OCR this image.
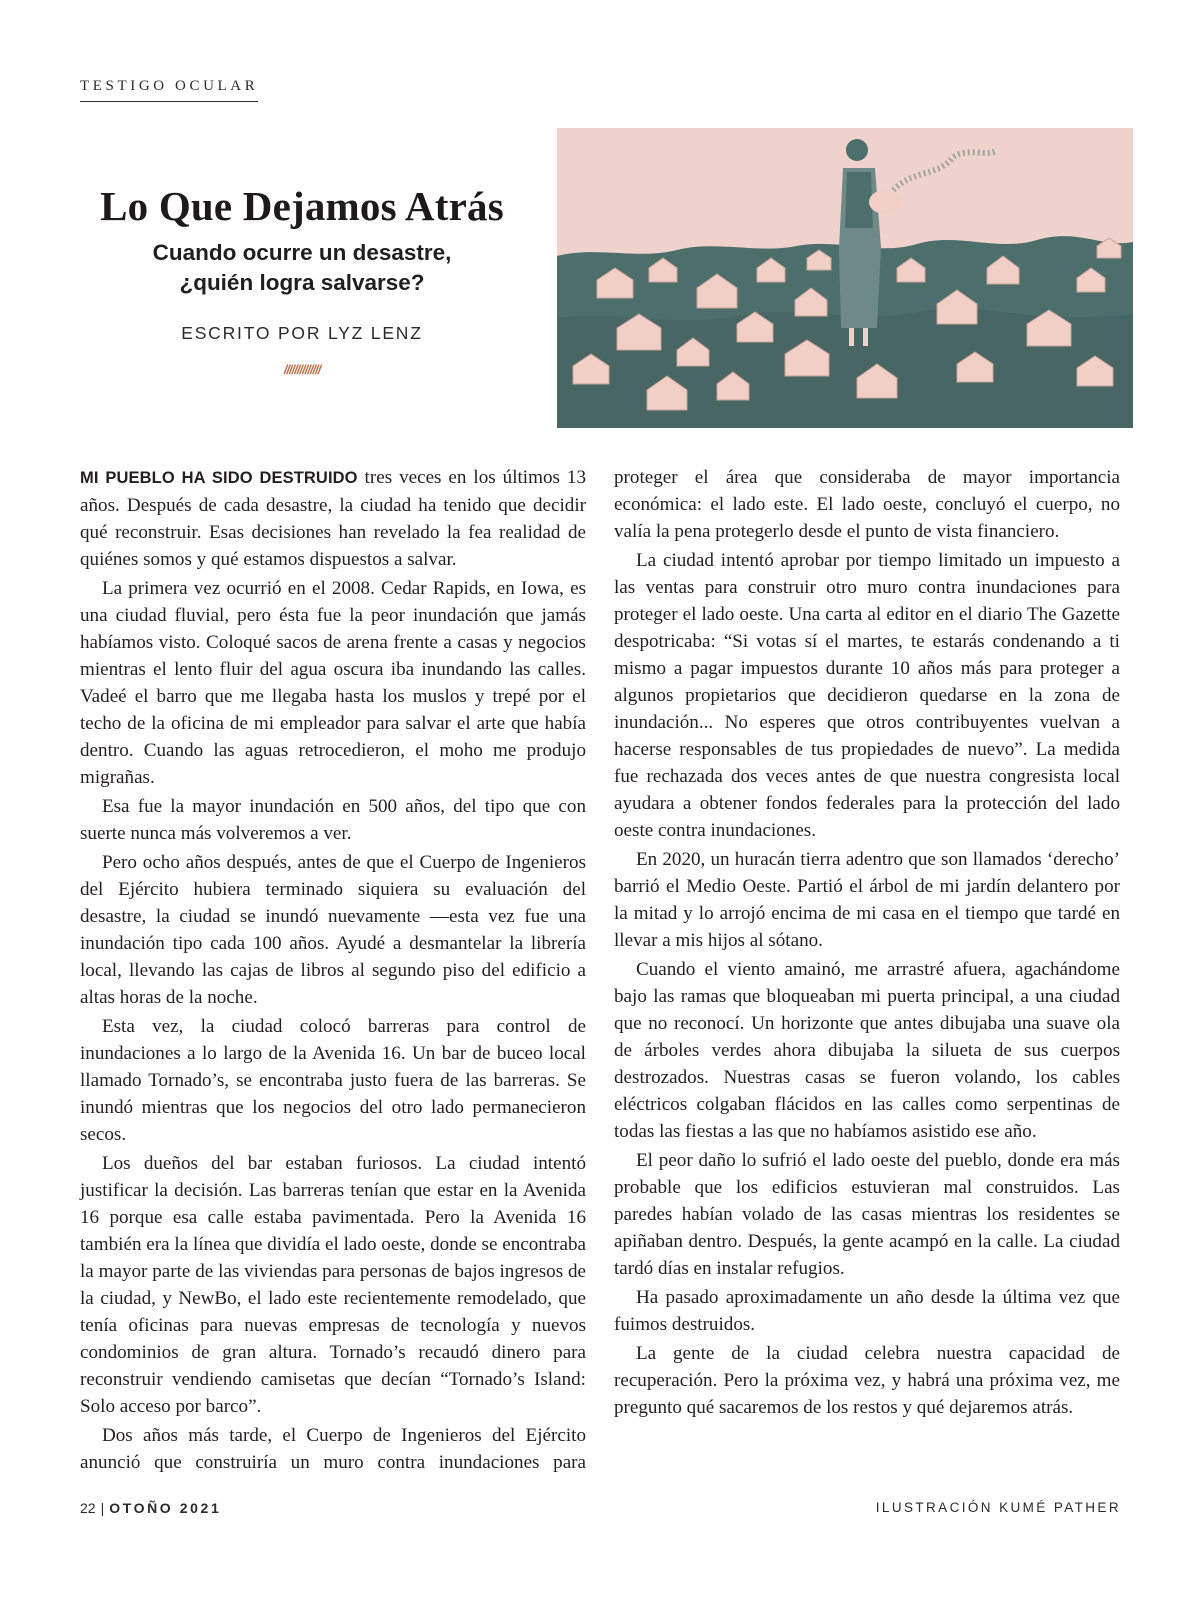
TESTIGO OCULAR
Lo Que Dejamos Atrás
Cuando ocurre un desastre,
¿quién logra salvarse?
ESCRITO POR LYZ LENZ
//////////////

MI PUEBLO HA SIDO DESTRUIDO tres veces en los últimos 13 años. Después de cada desastre, la ciudad ha tenido que decidir qué reconstruir. Esas decisiones han revelado la fea realidad de quiénes somos y qué estamos dispuestos a salvar.

La primera vez ocurrió en el 2008. Cedar Rapids, en Iowa, es una ciudad fluvial, pero ésta fue la peor inundación que jamás habíamos visto. Coloqué sacos de arena frente a casas y negocios mientras el lento fluir del agua oscura iba inundando las calles. Vadeé el barro que me llegaba hasta los muslos y trepé por el techo de la oficina de mi empleador para salvar el arte que había dentro. Cuando las aguas retrocedieron, el moho me produjo migrañas.

Esa fue la mayor inundación en 500 años, del tipo que con suerte nunca más volveremos a ver.

Pero ocho años después, antes de que el Cuerpo de Ingenieros del Ejército hubiera terminado siquiera su evaluación del desastre, la ciudad se inundó nuevamente —esta vez fue una inundación tipo cada 100 años. Ayudé a desmantelar la librería local, llevando las cajas de libros al segundo piso del edificio a altas horas de la noche.

Esta vez, la ciudad colocó barreras para control de inundaciones a lo largo de la Avenida 16. Un bar de buceo local llamado Tornado’s, se encontraba justo fuera de las barreras. Se inundó mientras que los negocios del otro lado permanecieron secos.

Los dueños del bar estaban furiosos. La ciudad intentó justificar la decisión. Las barreras tenían que estar en la Avenida 16 porque esa calle estaba pavimentada. Pero la Avenida 16 también era la línea que dividía el lado oeste, donde se encontraba la mayor parte de las viviendas para personas de bajos ingresos de la ciudad, y NewBo, el lado este recientemente remodelado, que tenía oficinas para nuevas empresas de tecnología y nuevos condominios de gran altura. Tornado’s recaudó dinero para reconstruir vendiendo camisetas que decían “Tornado’s Island: Solo acceso por barco”.

Dos años más tarde, el Cuerpo de Ingenieros del Ejército anunció que construiría un muro contra inundaciones para proteger el área que consideraba de mayor importancia económica: el lado este. El lado oeste, concluyó el cuerpo, no valía la pena protegerlo desde el punto de vista financiero.

La ciudad intentó aprobar por tiempo limitado un impuesto a las ventas para construir otro muro contra inundaciones para proteger el lado oeste. Una carta al editor en el diario The Gazette despotricaba: “Si votas sí el martes, te estarás condenando a ti mismo a pagar impuestos durante 10 años más para proteger a algunos propietarios que decidieron quedarse en la zona de inundación... No esperes que otros contribuyentes vuelvan a hacerse responsables de tus propiedades de nuevo”. La medida fue rechazada dos veces antes de que nuestra congresista local ayudara a obtener fondos federales para la protección del lado oeste contra inundaciones.

En 2020, un huracán tierra adentro que son llamados ‘derecho’ barrió el Medio Oeste. Partió el árbol de mi jardín delantero por la mitad y lo arrojó encima de mi casa en el tiempo que tardé en llevar a mis hijos al sótano.

Cuando el viento amainó, me arrastré afuera, agachándome bajo las ramas que bloqueaban mi puerta principal, a una ciudad que no reconocí. Un horizonte que antes dibujaba una suave ola de árboles verdes ahora dibujaba la silueta de sus cuerpos destrozados. Nuestras casas se fueron volando, los cables eléctricos colgaban flácidos en las calles como serpentinas de todas las fiestas a las que no habíamos asistido ese año.

El peor daño lo sufrió el lado oeste del pueblo, donde era más probable que los edificios estuvieran mal construidos. Las paredes habían volado de las casas mientras los residentes se apiñaban dentro. Después, la gente acampó en la calle. La ciudad tardó días en instalar refugios.

Ha pasado aproximadamente un año desde la última vez que fuimos destruidos.

La gente de la ciudad celebra nuestra capacidad de recuperación. Pero la próxima vez, y habrá una próxima vez, me pregunto qué sacaremos de los restos y qué dejaremos atrás.

22 | OTOÑO 2021	ILUSTRACIÓN KUMÉ PATHER
